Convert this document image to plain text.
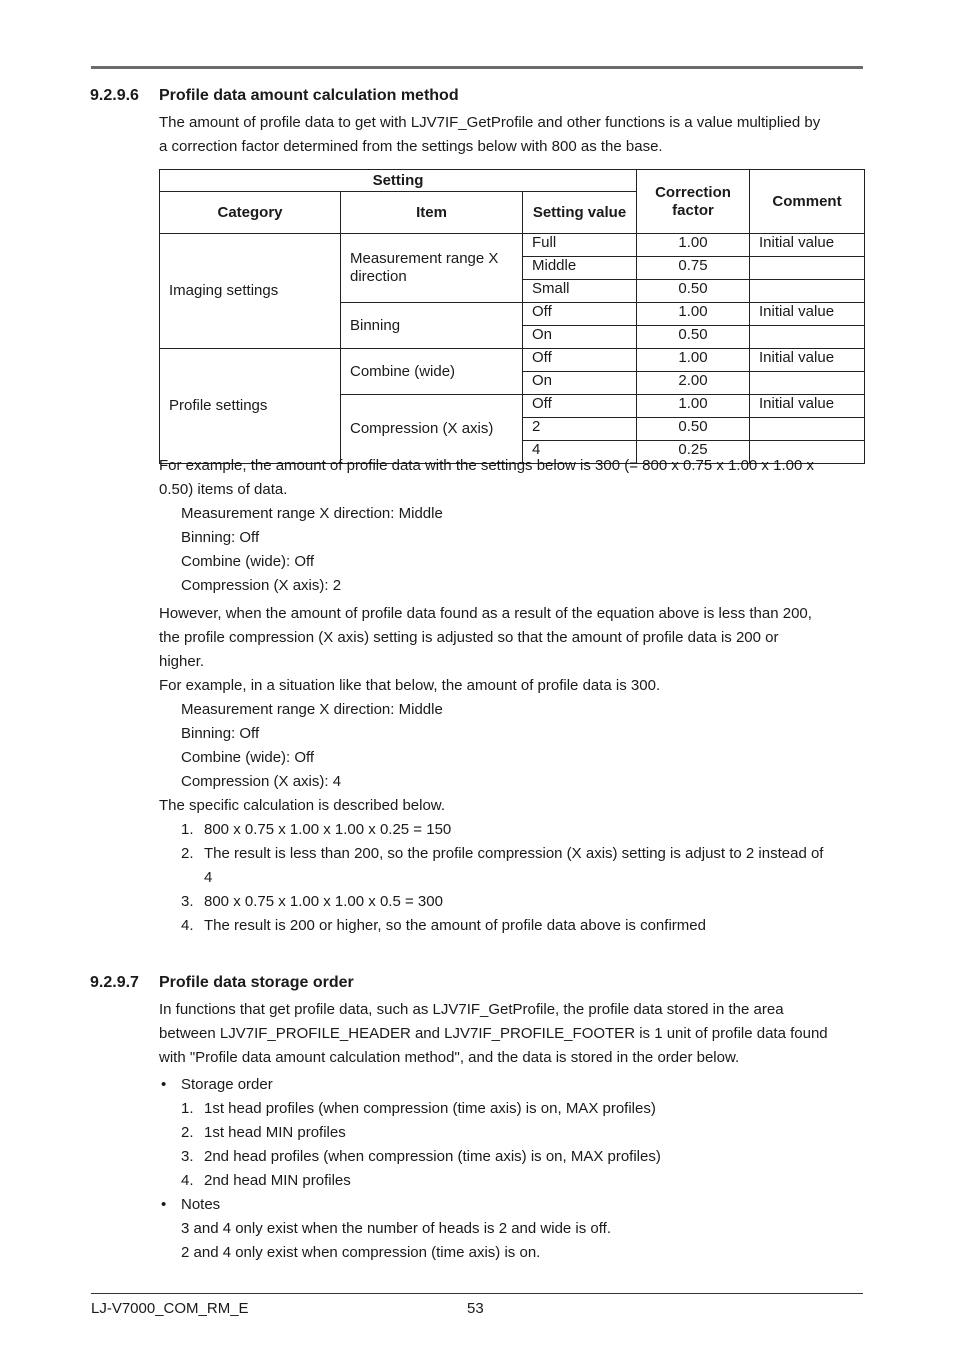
9.2.9.6	Profile data amount calculation method
The amount of profile data to get with LJV7IF_GetProfile and other functions is a value multiplied by
a correction factor determined from the settings below with 800 as the base.
Setting			Correction factor	Comment
Category	Item	Setting value		
Imaging settings	Measurement range X direction	Full	1.00	Initial value
		Middle	0.75	
		Small	0.50	
	Binning	Off	1.00	Initial value
		On	0.50	
Profile settings	Combine (wide)	Off	1.00	Initial value
		On	2.00	
	Compression (X axis)	Off	1.00	Initial value
		2	0.50	
		4	0.25	
For example, the amount of profile data with the settings below is 300 (= 800 x 0.75 x 1.00 x 1.00 x
0.50) items of data.
Measurement range X direction: Middle
Binning: Off
Combine (wide): Off
Compression (X axis): 2
However, when the amount of profile data found as a result of the equation above is less than 200,
the profile compression (X axis) setting is adjusted so that the amount of profile data is 200 or
higher.
For example, in a situation like that below, the amount of profile data is 300.
Measurement range X direction: Middle
Binning: Off
Combine (wide): Off
Compression (X axis): 4
The specific calculation is described below.
1. 800 x 0.75 x 1.00 x 1.00 x 0.25 = 150
2. The result is less than 200, so the profile compression (X axis) setting is adjust to 2 instead of
4
3. 800 x 0.75 x 1.00 x 1.00 x 0.5 = 300
4. The result is 200 or higher, so the amount of profile data above is confirmed
9.2.9.7	Profile data storage order
In functions that get profile data, such as LJV7IF_GetProfile, the profile data stored in the area
between LJV7IF_PROFILE_HEADER and LJV7IF_PROFILE_FOOTER is 1 unit of profile data found
with "Profile data amount calculation method", and the data is stored in the order below.
• Storage order
1. 1st head profiles (when compression (time axis) is on, MAX profiles)
2. 1st head MIN profiles
3. 2nd head profiles (when compression (time axis) is on, MAX profiles)
4. 2nd head MIN profiles
• Notes
3 and 4 only exist when the number of heads is 2 and wide is off.
2 and 4 only exist when compression (time axis) is on.
LJ-V7000_COM_RM_E	53
